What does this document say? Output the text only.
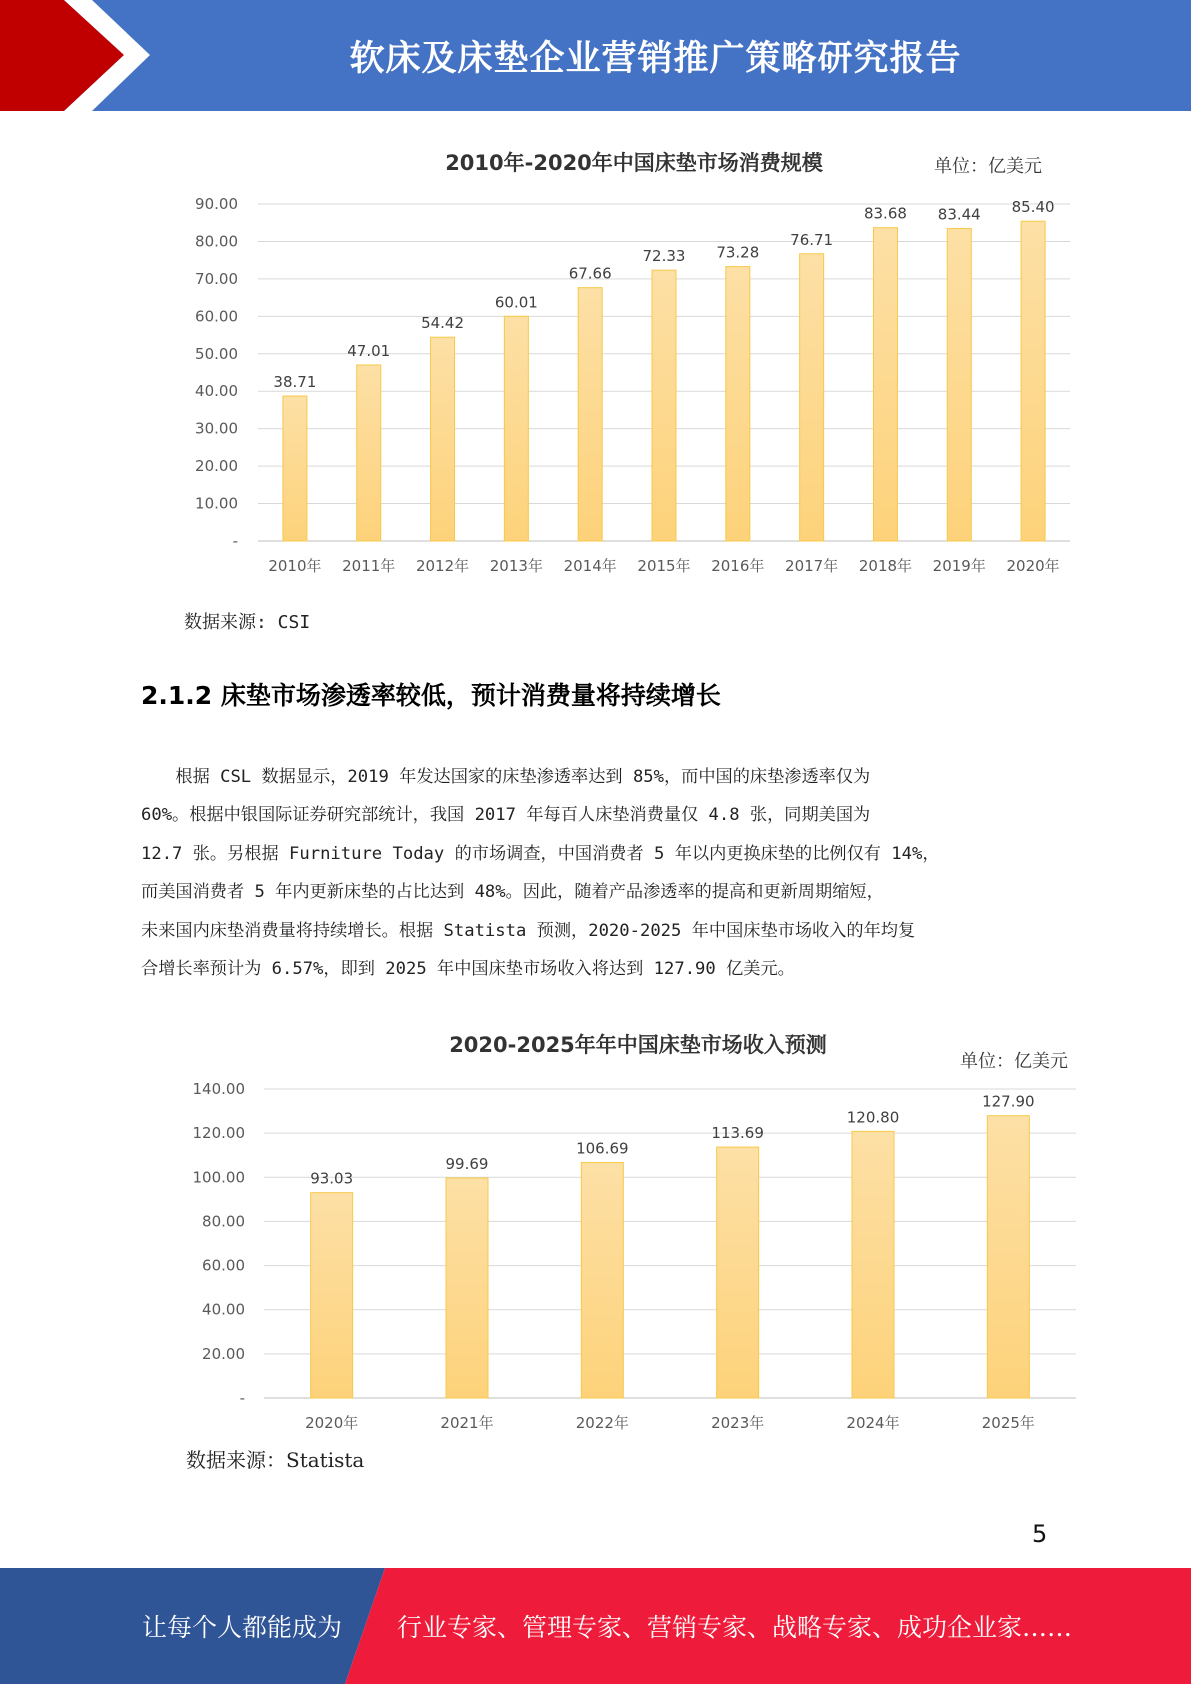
软床及床垫企业营销推广策略研究报告
2010年-2020年中国床垫市场消费规模	单位：亿美元
-
10.00
20.00
30.00
40.00
50.00
60.00
70.00
80.00
90.00
38.71
47.01
54.42
60.01
67.66
72.33 73.28
76.71
83.68 83.44 85.40
2010年 2011年 2012年 2013年 2014年 2015年 2016年 2017年 2018年 2019年 2020年
数据来源: CSI
2.1.2 床垫市场渗透率较低，预计消费量将持续增长
　　根据 CSL 数据显示，2019 年发达国家的床垫渗透率达到 85%，而中国的床垫渗透率仅为
60%。根据中银国际证券研究部统计，我国 2017 年每百人床垫消费量仅 4.8 张，同期美国为
12.7 张。另根据 Furniture Today 的市场调查，中国消费者 5 年以内更换床垫的比例仅有 14%，
而美国消费者 5 年内更新床垫的占比达到 48%。因此，随着产品渗透率的提高和更新周期缩短，
未来国内床垫消费量将持续增长。根据 Statista 预测，2020-2025 年中国床垫市场收入的年均复
合增长率预计为 6.57%，即到 2025 年中国床垫市场收入将达到 127.90 亿美元。
2020-2025年年中国床垫市场收入预测
单位：亿美元
-
20.00
40.00
60.00
80.00
100.00
120.00
140.00
93.03
99.69
106.69
113.69
120.80
127.90
2020年	2021年	2022年	2023年	2024年	2025年
数据来源：Statista
5
让每个人都能成为 行业专家、管理专家、营销专家、战略专家、成功企业家……
